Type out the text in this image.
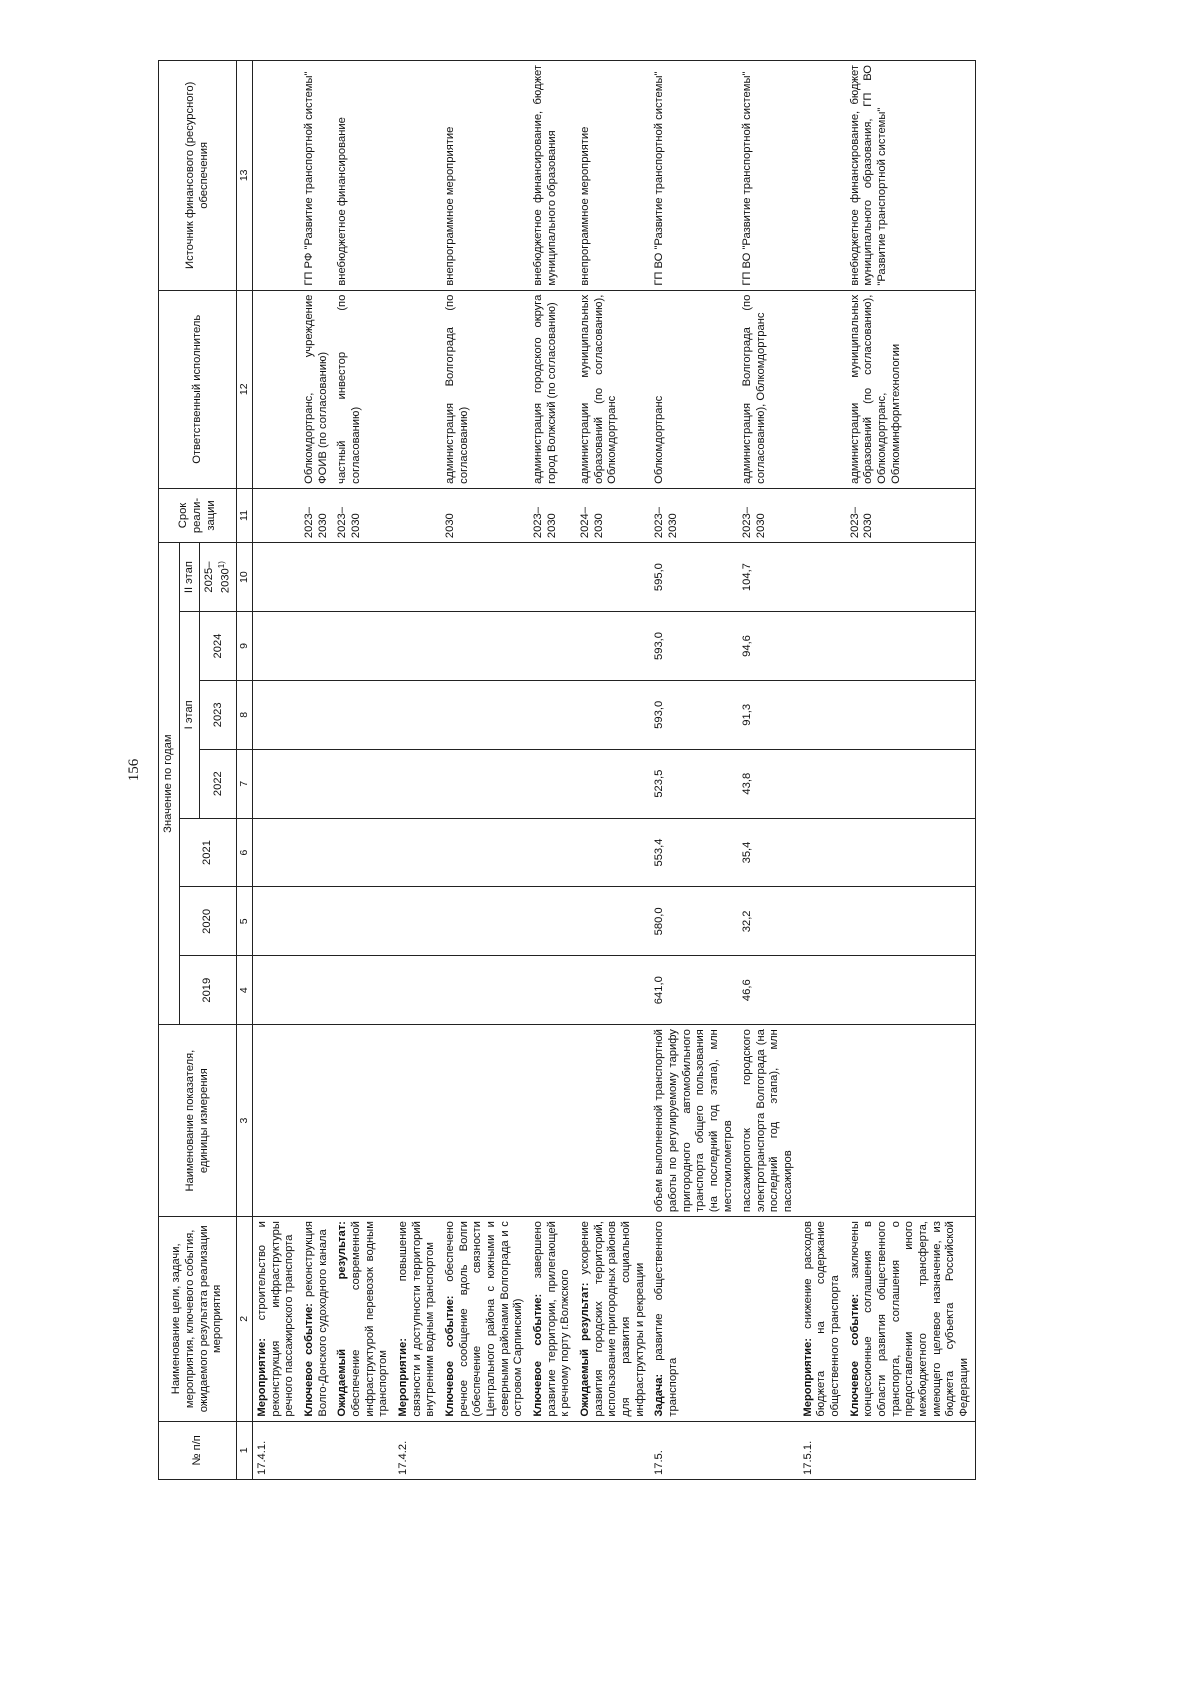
156
№ п/п	Наименование цели, задачи, мероприятия, ключевого события, ожидаемого результата реализации мероприятия	Наименование показателя, единицы измерения	Значение по годам							Срок реали-зации	Ответственный исполнитель	Источник финансового (ресурсного) обеспечения
			2019	2020	2021	I этап			II этап			
						2022	2023	2024	2025–2030$^{1)}$
1	2	3	4	5	6	7	8	9	10	11	12	13
17.4.1.	Мероприятие: строительство и реконструкция инфраструктуры речного пассажирского транспорта											
	Ключевое событие: реконструкция Волго-Донского судоходного канала									2023–2030	Облкомдортранс, учреждение ФОИВ (по согласованию)	ГП РФ "Развитие транспортной системы"
	Ожидаемый результат: обеспечение современной инфраструктурой перевозок водным транспортом									2023–2030	частный инвестор (по согласованию)	внебюджетное финансирование
17.4.2.	Мероприятие: повышение связности и доступности территорий внутренним водным транспортом											
	Ключевое событие: обеспечено речное сообщение вдоль Волги (обеспечение связности Центрального района с южными и северными районами Волгограда и с островом Сарпинский)									2030	администрация Волгограда (по согласованию)	внепрограммное мероприятие
	Ключевое событие: завершено развитие территории, прилегающей к речному порту г.Волжского									2023–2030	администрация городского округа город Волжский (по согласованию)	внебюджетное финансирование, бюджет муниципального образования
	Ожидаемый результат: ускорение развития городских территорий, использование пригородных районов для развития социальной инфраструктуры и рекреации									2024–2030	администрации муниципальных образований (по согласованию), Облкомдортранс	внепрограммное мероприятие
17.5.	Задача: развитие общественного транспорта	объем выполненной транспортной работы по регулируемому тарифу пригородного автомобильного транспорта общего пользования (на последний год этапа), млн местокилометров	641,0	580,0	553,4	523,5	593,0	593,0	595,0	2023–2030	Облкомдортранс	ГП ВО "Развитие транспортной системы"
		пассажиропоток городского электротранспорта Волгограда (на последний год этапа), млн пассажиров	46,6	32,2	35,4	43,8	91,3	94,6	104,7	2023–2030	администрация Волгограда (по согласованию), Облкомдортранс	ГП ВО "Развитие транспортной системы"
17.5.1.	Мероприятие: снижение расходов бюджета на содержание общественного транспорта											
	Ключевое событие: заключены концессионные соглашения в области развития общественного транспорта, соглашения о предоставлении иного межбюджетного трансферта, имеющего целевое назначение, из бюджета субъекта Российской Федерации									2023–2030	администрации муниципальных образований (по согласованию), Облкомдортранс, Облкоминформтехнологии	внебюджетное финансирование, бюджет муниципального образования, ГП ВО "Развитие транспортной системы"
